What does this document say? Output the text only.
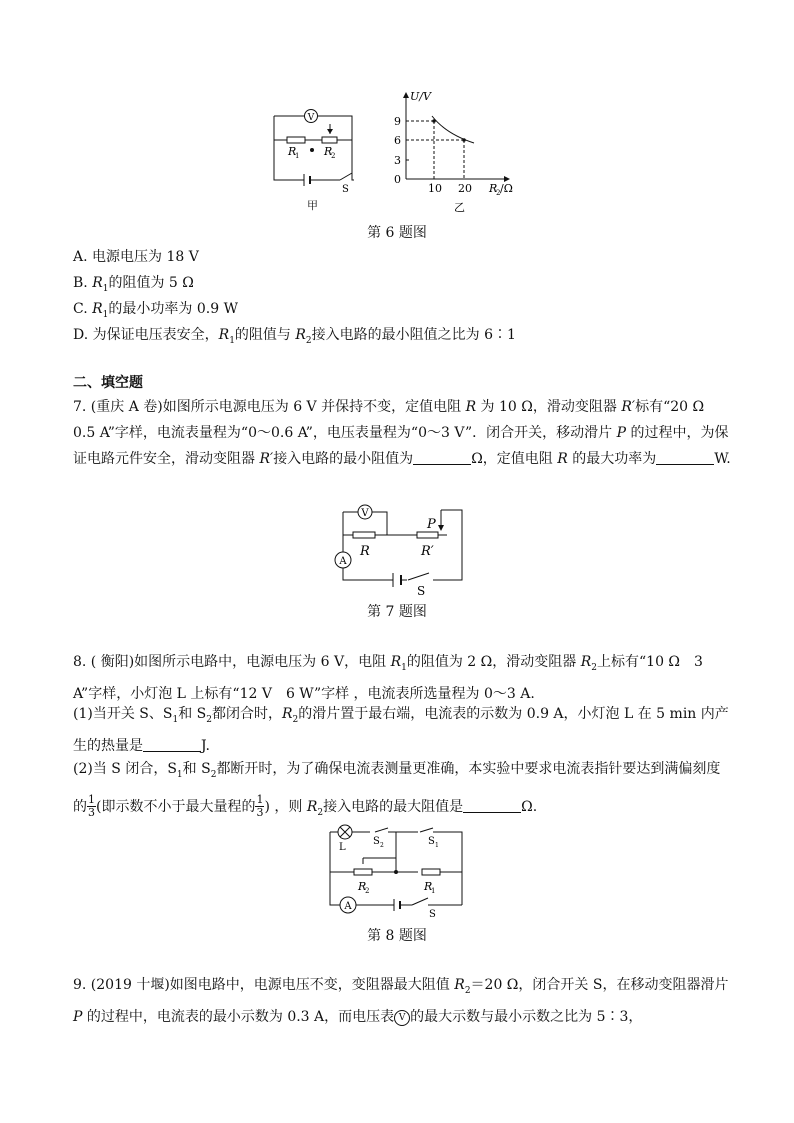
V
R
1 R
2
S
甲
U/V
0
3
6
9
10 20 R
2 /Ω
乙
第 6 题图
A. 电源电压为 18 V
B. $R_1$的阻值为 5 Ω
C. $R_1$的最小功率为 0.9 W
D. 为保证电压表安全，$R_1$的阻值与 $R_2$接入电路的最小阻值之比为 6∶1
二、填空题
7. (重庆 A 卷)如图所示电源电压为 6 V 并保持不变，定值电阻 R 为 10 Ω，滑动变阻器 R′标有“20 Ω　0.5 A”字样，电流表量程为“0～0.6 A”，电压表量程为“0～3 V”．闭合开关，移动滑片 P 的过程中，为保证电路元件安全，滑动变阻器 R′接入电路的最小阻值为	Ω，定值电阻 R 的最大功率为	W.
V
A
R	R′
P
S
第 7 题图
8. ( 衡阳)如图所示电路中，电源电压为 6 V，电阻 $R_1$的阻值为 2 Ω，滑动变阻器 $R_2$上标有“10 Ω　3 A”字样，小灯泡 L 上标有“12 V　6 W”字样 ，电流表所选量程为 0～3 A.
(1)当开关 S、$S_1$和 $S_2$都闭合时，$R_2$的滑片置于最右端，电流表的示数为 0.9 A，小灯泡 L 在 5 min 内产生的热量是	J.
(2)当 S 闭合，$S_1$和 $S_2$都断开时，为了确保电流表测量更准确，本实验中要求电流表指针要达到满偏刻度的 $\frac{1}{3}$ (即示数不小于最大量程的 $\frac{1}{3}$ ) ，则 $R_2$接入电路的最大阻值是	Ω.
A
L
S 2	S 1
R
2	R
1
S
第 8 题图
9. (2019 十堰)如图电路中，电源电压不变，变阻器最大阻值 $R_2=20$ Ω，闭合开关 S，在移动变阻器滑片 P 的过程中，电流表的最小示数为 0.3 A，而电压表 V 的最大示数与最小示数之比为 5∶3，
